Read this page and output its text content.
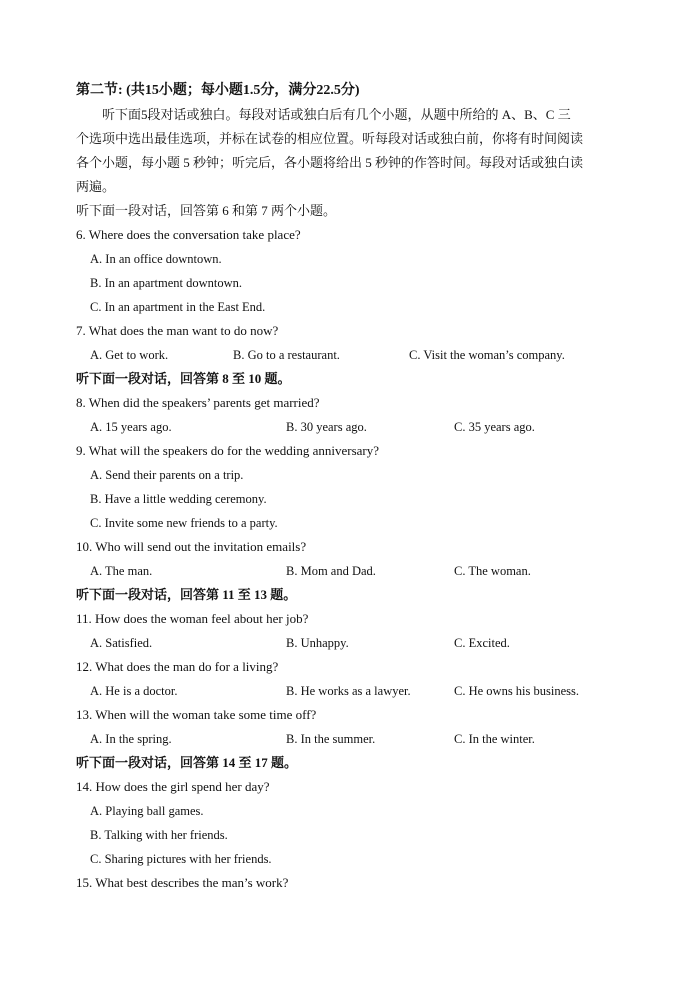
第二节: (共15小题；每小题1.5分，满分22.5分)
听下面5段对话或独白。每段对话或独白后有几个小题，从题中所给的 A、B、C 三
个选项中选出最佳选项，并标在试卷的相应位置。听每段对话或独白前，你将有时间阅读
各个小题，每小题 5 秒钟；听完后，各小题将给出 5 秒钟的作答时间。每段对话或独白读
两遍。
听下面一段对话，回答第 6 和第 7 两个小题。
6. Where does the conversation take place?
A. In an office downtown.
B. In an apartment downtown.
C. In an apartment in the East End.
7. What does the man want to do now?
A. Get to work.	B. Go to a restaurant.	C. Visit the woman’s company.
听下面一段对话，回答第 8 至 10 题。
8. When did the speakers’ parents get married?
A. 15 years ago.	B. 30 years ago.	C. 35 years ago.
9. What will the speakers do for the wedding anniversary?
A. Send their parents on a trip.
B. Have a little wedding ceremony.
C. Invite some new friends to a party.
10. Who will send out the invitation emails?
A. The man.	B. Mom and Dad.	C. The woman.
听下面一段对话，回答第 11 至 13 题。
11. How does the woman feel about her job?
A. Satisfied.	B. Unhappy.	C. Excited.
12. What does the man do for a living?
A. He is a doctor.	B. He works as a lawyer.	C. He owns his business.
13. When will the woman take some time off?
A. In the spring.	B. In the summer.	C. In the winter.
听下面一段对话，回答第 14 至 17 题。
14. How does the girl spend her day?
A. Playing ball games.
B. Talking with her friends.
C. Sharing pictures with her friends.
15. What best describes the man’s work?
